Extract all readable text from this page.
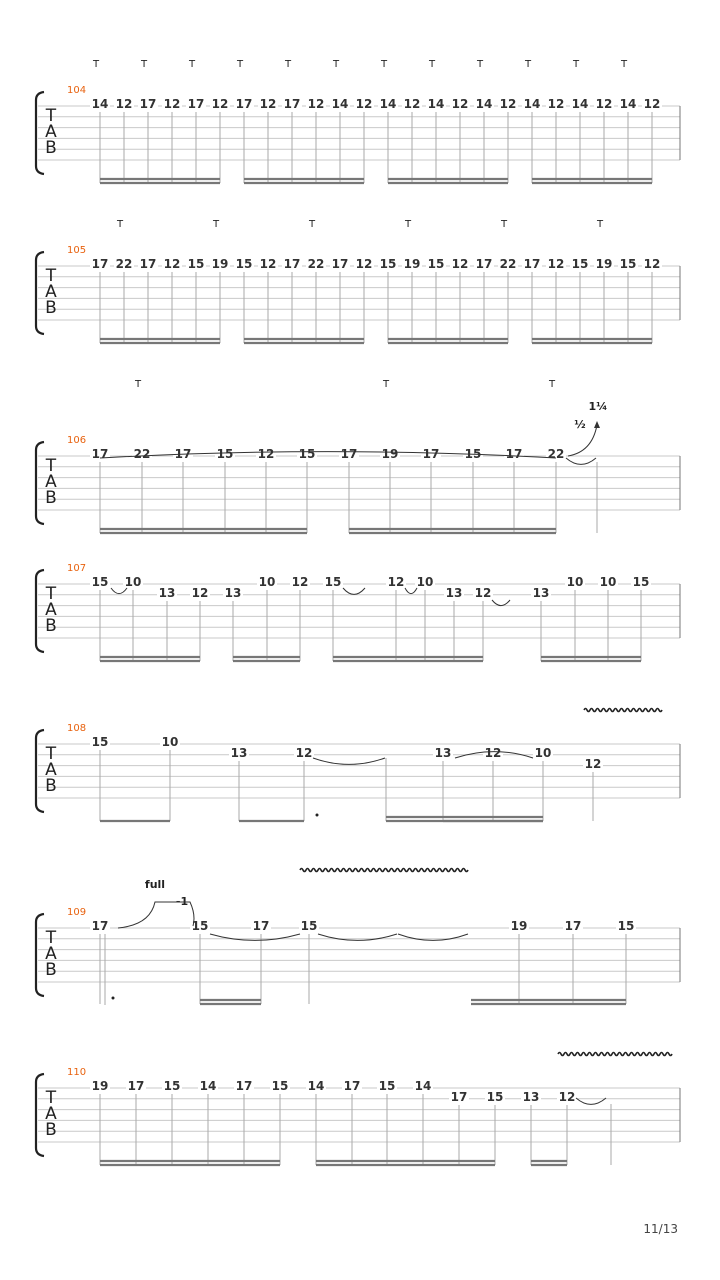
T
A
B
104
T	T	T	T	T	T	T	T	T	T	T	T
14 12 17 12 17 12 17 12 17 12 14 12 14 12 14 12 14 12 14 12 14 12 14 12
T
A
B
105
T	T	T	T	T	T
17 22 17 12 15 19 15 12 17 22 17 12 15 19 15 12 17 22 17 12 15 19 15 12
T
A
B
106
T	T	T
17 22 17 15 12 15 17 19 17 15 17 22
½
1¼
T
A
B
107
15 10
13 12 13
10 12 15	12 10
13 12	13
10 10 15
T
A
B
108
15	10
13	12	13	12	10
12
T
A
B
109
17	15	17	15	19	17	15
full
-1
T
A
B
110
19 17 15 14 17 15 14 17 15 14
17 15 13 12
11/13
